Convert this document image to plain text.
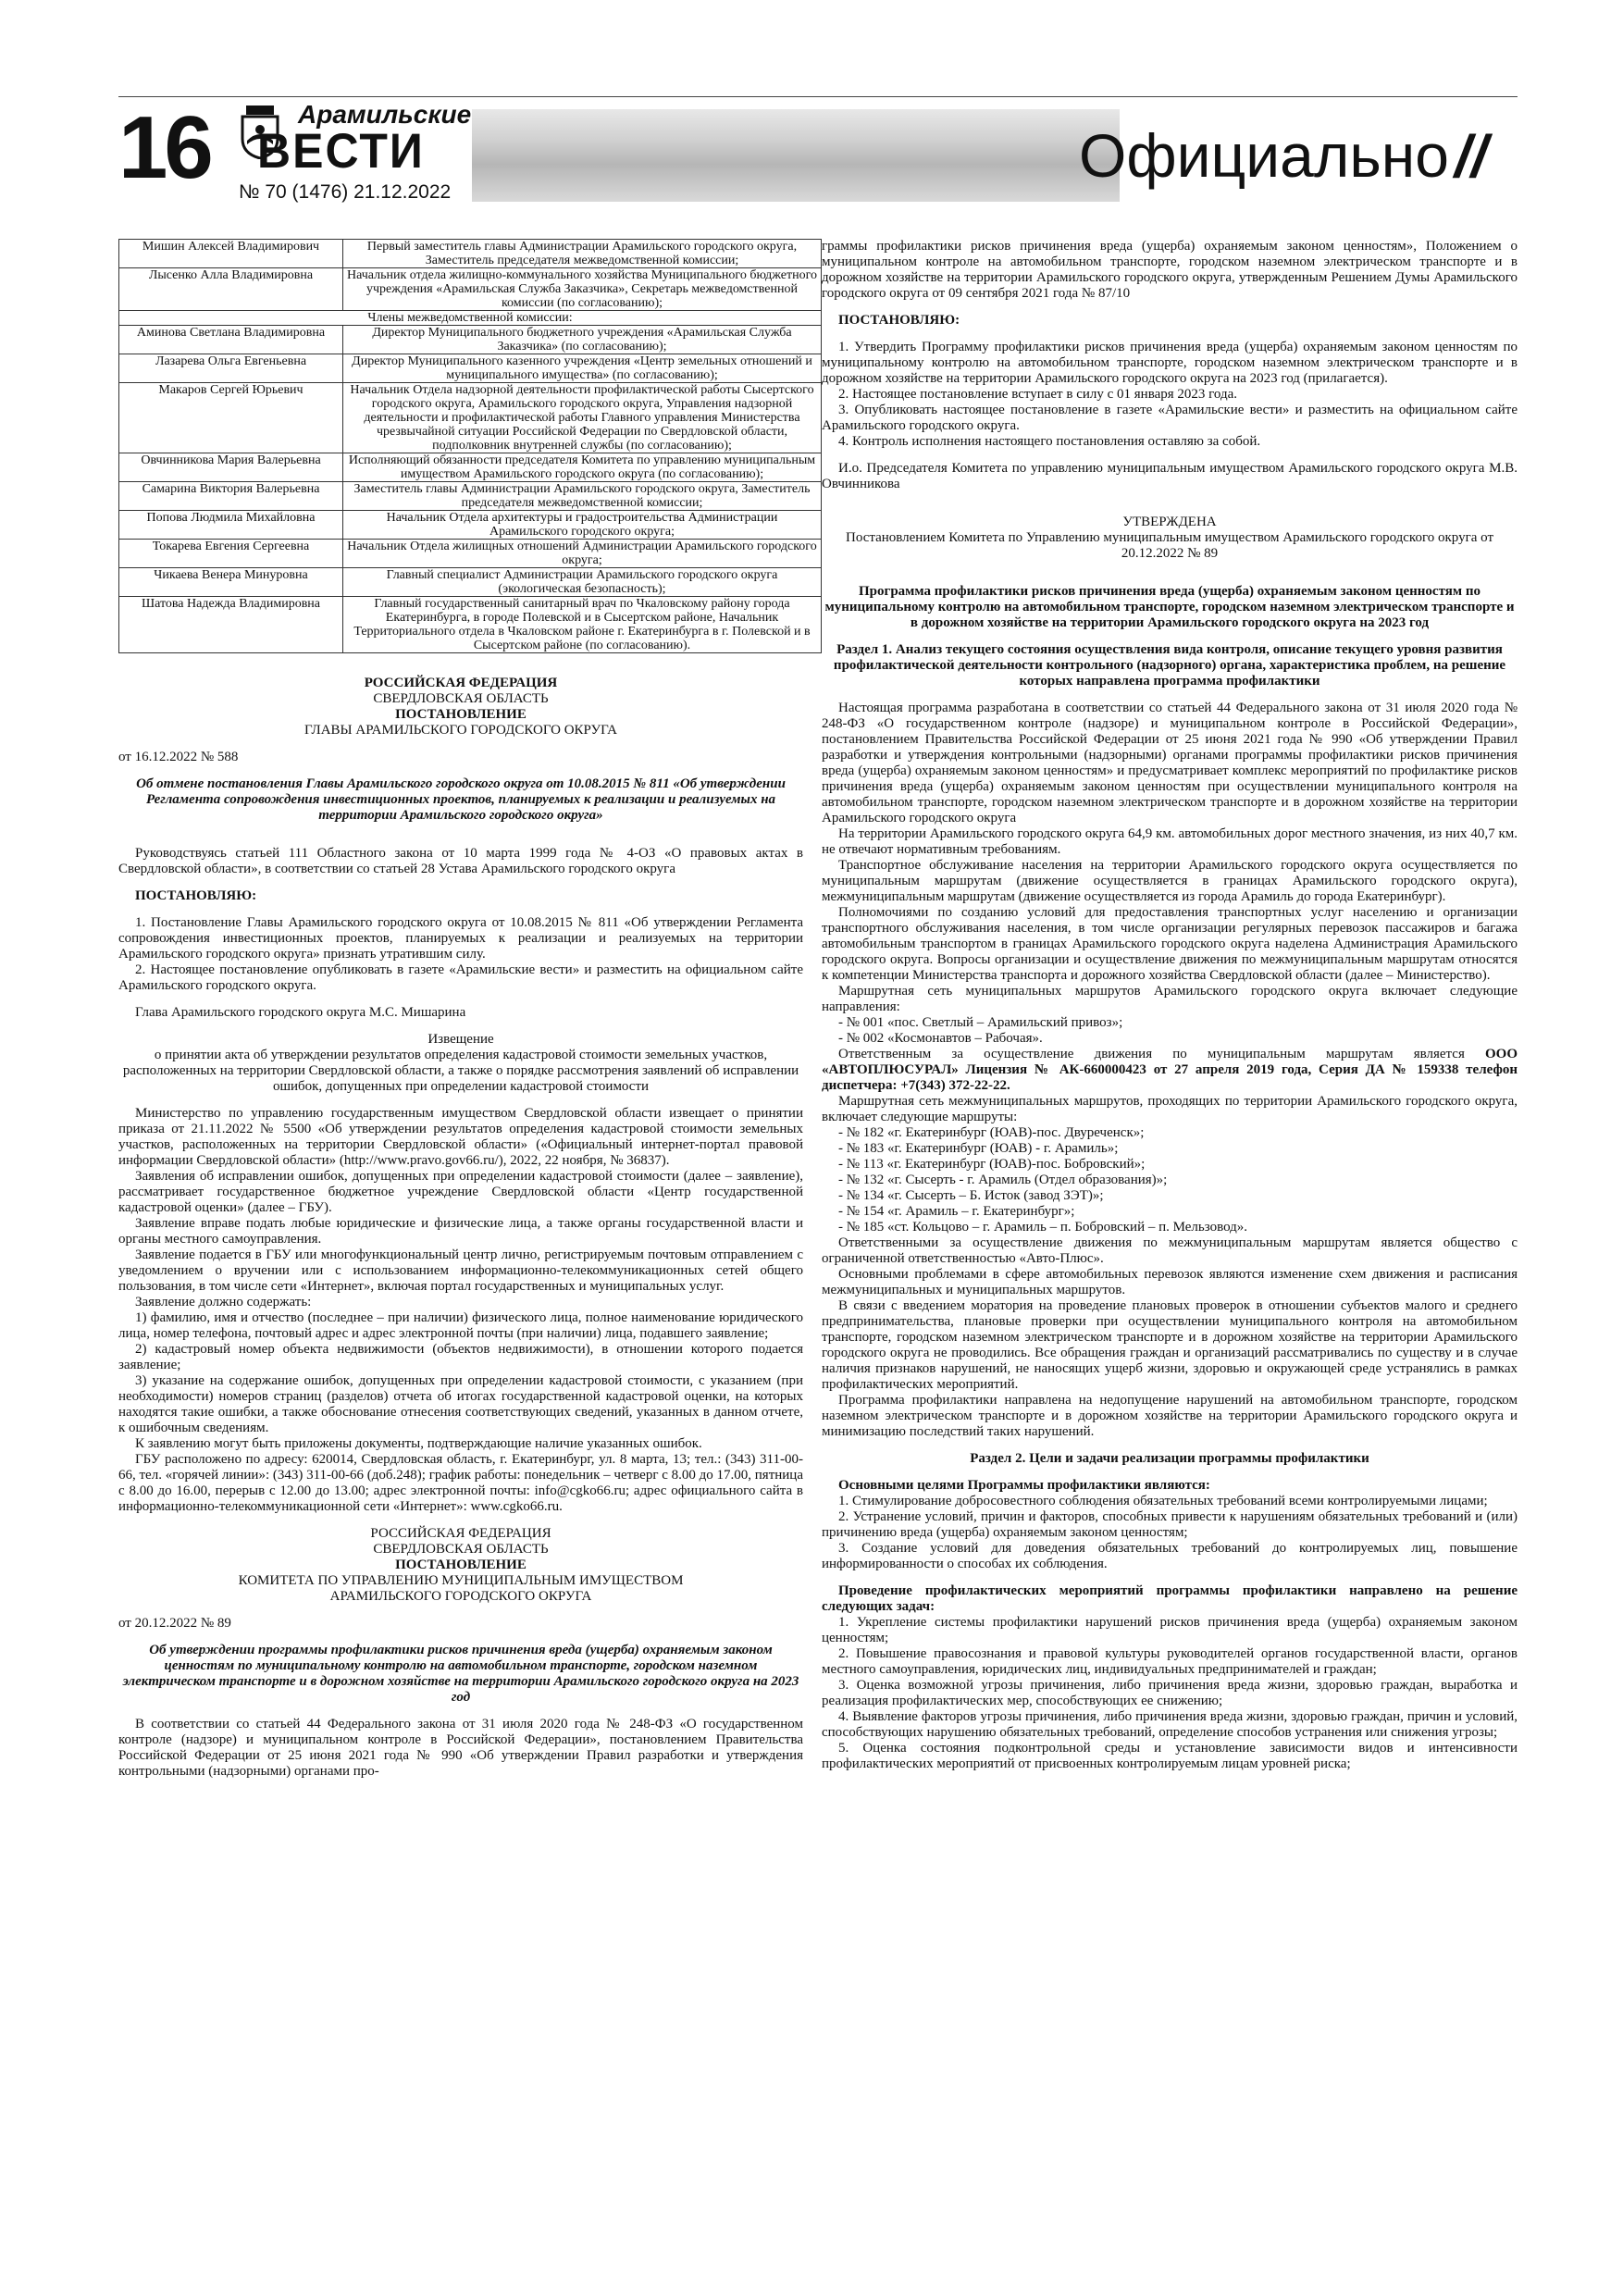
16	Арамильские
ВЕСТИ
№ 70 (1476) 21.12.2022
Официально //
Мишин Алексей Владимирович	Первый заместитель главы Администрации Арамильского городского округа, Заместитель председателя межведомственной комиссии;
Лысенко Алла Владимировна	Начальник отдела жилищно-коммунального хозяйства Муниципального бюджетного учреждения «Арамильская Служба Заказчика», Секретарь межведомственной комиссии (по согласованию);
Члены межведомственной комиссии:	
Аминова Светлана Владимировна	Директор Муниципального бюджетного учреждения «Арамильская Служба Заказчика» (по согласованию);
Лазарева Ольга Евгеньевна	Директор Муниципального казенного учреждения «Центр земельных отношений и муниципального имущества» (по согласованию);
Макаров Сергей Юрьевич	Начальник Отдела надзорной деятельности профилактической работы Сысертского городского округа, Арамильского городского округа, Управления надзорной деятельности и профилактической работы Главного управления Министерства чрезвычайной ситуации Российской Федерации по Свердловской области, подполковник внутренней службы (по согласованию);
Овчинникова Мария Валерьевна	Исполняющий обязанности председателя Комитета по управлению муниципальным имуществом Арамильского городского округа (по согласованию);
Самарина Виктория Валерьевна	Заместитель главы Администрации Арамильского городского округа, Заместитель председателя межведомственной комиссии;
Попова Людмила Михайловна	Начальник Отдела архитектуры и градостроительства Администрации Арамильского городского округа;
Токарева Евгения Сергеевна	Начальник Отдела жилищных отношений Администрации Арамильского городского округа;
Чикаева Венера Минуровна	Главный специалист Администрации Арамильского городского округа (экологическая безопасность);
Шатова Надежда Владимировна	Главный государственный санитарный врач по Чкаловскому району города Екатеринбурга, в городе Полевской и в Сысертском районе, Начальник Территориального отдела в Чкаловском районе г. Екатеринбурга в г. Полевской и в Сысертском районе (по согласованию).
РОССИЙСКАЯ ФЕДЕРАЦИЯ
СВЕРДЛОВСКАЯ ОБЛАСТЬ
ПОСТАНОВЛЕНИЕ
ГЛАВЫ АРАМИЛЬСКОГО ГОРОДСКОГО ОКРУГА
от 16.12.2022 № 588
Об отмене постановления Главы Арамильского городского округа от 10.08.2015 № 811 «Об утверждении Регламента сопровождения инвестиционных проектов, планируемых к реализации и реализуемых на территории Арамильского городского округа»

Руководствуясь статьей 111 Областного закона от 10 марта 1999 года № 4-ОЗ «О правовых актах в Свердловской области», в соответствии со статьей 28 Устава Арамильского городского округа

ПОСТАНОВЛЯЮ:

1. Постановление Главы Арамильского городского округа от 10.08.2015 № 811 «Об утверждении Регламента сопровождения инвестиционных проектов, планируемых к реализации и реализуемых на территории Арамильского городского округа» признать утратившим силу.

2. Настоящее постановление опубликовать в газете «Арамильские вести» и разместить на официальном сайте Арамильского городского округа.

Глава Арамильского городского округа М.С. Мишарина

Извещение
о принятии акта об утверждении результатов определения кадастровой стоимости земельных участков, расположенных на территории Свердловской области, а также о порядке рассмотрения заявлений об исправлении ошибок, допущенных при определении кадастровой стоимости

Министерство по управлению государственным имуществом Свердловской области извещает о принятии приказа от 21.11.2022 № 5500 «Об утверждении результатов определения кадастровой стоимости земельных участков, расположенных на территории Свердловской области» («Официальный интернет-портал правовой информации Свердловской области» (http://www.pravo.gov66.ru/), 2022, 22 ноября, № 36837).

Заявления об исправлении ошибок, допущенных при определении кадастровой стоимости (далее – заявление), рассматривает государственное бюджетное учреждение Свердловской области «Центр государственной кадастровой оценки» (далее – ГБУ).

Заявление вправе подать любые юридические и физические лица, а также органы государственной власти и органы местного самоуправления.

Заявление подается в ГБУ или многофункциональный центр лично, регистрируемым почтовым отправлением с уведомлением о вручении или с использованием информационно-телекоммуникационных сетей общего пользования, в том числе сети «Интернет», включая портал государственных и муниципальных услуг.

Заявление должно содержать:

1) фамилию, имя и отчество (последнее – при наличии) физического лица, полное наименование юридического лица, номер телефона, почтовый адрес и адрес электронной почты (при наличии) лица, подавшего заявление;

2) кадастровый номер объекта недвижимости (объектов недвижимости), в отношении которого подается заявление;

3) указание на содержание ошибок, допущенных при определении кадастровой стоимости, с указанием (при необходимости) номеров страниц (разделов) отчета об итогах государственной кадастровой оценки, на которых находятся такие ошибки, а также обоснование отнесения соответствующих сведений, указанных в данном отчете, к ошибочным сведениям.

К заявлению могут быть приложены документы, подтверждающие наличие указанных ошибок.

ГБУ расположено по адресу: 620014, Свердловская область, г. Екатеринбург, ул. 8 марта, 13; тел.: (343) 311-00-66, тел. «горячей линии»: (343) 311-00-66 (доб.248); график работы: понедельник – четверг с 8.00 до 17.00, пятница с 8.00 до 16.00, перерыв с 12.00 до 13.00; адрес электронной почты: info@cgko66.ru; адрес официального сайта в информационно-телекоммуникационной сети «Интернет»: www.cgko66.ru.

РОССИЙСКАЯ ФЕДЕРАЦИЯ
СВЕРДЛОВСКАЯ ОБЛАСТЬ
ПОСТАНОВЛЕНИЕ
КОМИТЕТА ПО УПРАВЛЕНИЮ МУНИЦИПАЛЬНЫМ ИМУЩЕСТВОМ
АРАМИЛЬСКОГО ГОРОДСКОГО ОКРУГА
от 20.12.2022 № 89
Об утверждении программы профилактики рисков причинения вреда (ущерба) охраняемым законом ценностям по муниципальному контролю на автомобильном транспорте, городском наземном электрическом транспорте и в дорожном хозяйстве на территории Арамильского городского округа на 2023 год

В соответствии со статьей 44 Федерального закона от 31 июля 2020 года № 248-ФЗ «О государственном контроле (надзоре) и муниципальном контроле в Российской Федерации», постановлением Правительства Российской Федерации от 25 июня 2021 года № 990 «Об утверждении Правил разработки и утверждения контрольными (надзорными) органами про-

граммы профилактики рисков причинения вреда (ущерба) охраняемым законом ценностям», Положением о муниципальном контроле на автомобильном транспорте, городском наземном электрическом транспорте и в дорожном хозяйстве на территории Арамильского городского округа, утвержденным Решением Думы Арамильского городского округа от 09 сентября 2021 года № 87/10

ПОСТАНОВЛЯЮ:

1. Утвердить Программу профилактики рисков причинения вреда (ущерба) охраняемым законом ценностям по муниципальному контролю на автомобильном транспорте, городском наземном электрическом транспорте и в дорожном хозяйстве на территории Арамильского городского округа на 2023 год (прилагается).

2. Настоящее постановление вступает в силу с 01 января 2023 года.

3. Опубликовать настоящее постановление в газете «Арамильские вести» и разместить на официальном сайте Арамильского городского округа.

4. Контроль исполнения настоящего постановления оставляю за собой.

И.о. Председателя Комитета по управлению муниципальным имуществом Арамильского городского округа М.В. Овчинникова

УТВЕРЖДЕНА
Постановлением Комитета по Управлению муниципальным имуществом Арамильского городского округа от 20.12.2022 № 89
Программа профилактики рисков причинения вреда (ущерба) охраняемым законом ценностям по муниципальному контролю на автомобильном транспорте, городском наземном электрическом транспорте и в дорожном хозяйстве на территории Арамильского городского округа на 2023 год
Раздел 1. Анализ текущего состояния осуществления вида контроля, описание текущего уровня развития профилактической деятельности контрольного (надзорного) органа, характеристика проблем, на решение которых направлена программа профилактики

Настоящая программа разработана в соответствии со статьей 44 Федерального закона от 31 июля 2020 года № 248-ФЗ «О государственном контроле (надзоре) и муниципальном контроле в Российской Федерации», постановлением Правительства Российской Федерации от 25 июня 2021 года № 990 «Об утверждении Правил разработки и утверждения контрольными (надзорными) органами программы профилактики рисков причинения вреда (ущерба) охраняемым законом ценностям» и предусматривает комплекс мероприятий по профилактике рисков причинения вреда (ущерба) охраняемым законом ценностям при осуществлении муниципального контроля на автомобильном транспорте, городском наземном электрическом транспорте и в дорожном хозяйстве на территории Арамильского городского округа

На территории Арамильского городского округа 64,9 км. автомобильных дорог местного значения, из них 40,7 км. не отвечают нормативным требованиям.

Транспортное обслуживание населения на территории Арамильского городского округа осуществляется по муниципальным маршрутам (движение осуществляется в границах Арамильского городского округа), межмуниципальным маршрутам (движение осуществляется из города Арамиль до города Екатеринбург).

Полномочиями по созданию условий для предоставления транспортных услуг населению и организации транспортного обслуживания населения, в том числе организации регулярных перевозок пассажиров и багажа автомобильным транспортом в границах Арамильского городского округа наделена Администрация Арамильского городского округа. Вопросы организации и осуществление движения по межмуниципальным маршрутам относятся к компетенции Министерства транспорта и дорожного хозяйства Свердловской области (далее – Министерство).

Маршрутная сеть муниципальных маршрутов Арамильского городского округа включает следующие направления:

- № 001 «пос. Светлый – Арамильский привоз»;

- № 002 «Космонавтов – Рабочая».

Ответственным за осуществление движения по муниципальным маршрутам является ООО «АВТОПЛЮСУРАЛ» Лицензия № АК-660000423 от 27 апреля 2019 года, Серия ДА № 159338 телефон диспетчера: +7(343) 372-22-22.

Маршрутная сеть межмуниципальных маршрутов, проходящих по территории Арамильского городского округа, включает следующие маршруты:

- № 182 «г. Екатеринбург (ЮАВ)-пос. Двуреченск»;

- № 183 «г. Екатеринбург (ЮАВ) - г. Арамиль»;

- № 113 «г. Екатеринбург (ЮАВ)-пос. Бобровский»;

- № 132 «г. Сысерть - г. Арамиль (Отдел образования)»;

- № 134 «г. Сысерть – Б. Исток (завод ЗЭТ)»;

- № 154 «г. Арамиль – г. Екатеринбург»;

- № 185 «ст. Кольцово – г. Арамиль – п. Бобровский – п. Мельзовод».

Ответственными за осуществление движения по межмуниципальным маршрутам является общество с ограниченной ответственностью «Авто-Плюс».

Основными проблемами в сфере автомобильных перевозок являются изменение схем движения и расписания межмуниципальных и муниципальных маршрутов.

В связи с введением моратория на проведение плановых проверок в отношении субъектов малого и среднего предпринимательства, плановые проверки при осуществлении муниципального контроля на автомобильном транспорте, городском наземном электрическом транспорте и в дорожном хозяйстве на территории Арамильского городского округа не проводились. Все обращения граждан и организаций рассматривались по существу и в случае наличия признаков нарушений, не наносящих ущерб жизни, здоровью и окружающей среде устранялись в рамках профилактических мероприятий.

Программа профилактики направлена на недопущение нарушений на автомобильном транспорте, городском наземном электрическом транспорте и в дорожном хозяйстве на территории Арамильского городского округа и минимизацию последствий таких нарушений.

Раздел 2. Цели и задачи реализации программы профилактики

Основными целями Программы профилактики являются:

1. Стимулирование добросовестного соблюдения обязательных требований всеми контролируемыми лицами;

2. Устранение условий, причин и факторов, способных привести к нарушениям обязательных требований и (или) причинению вреда (ущерба) охраняемым законом ценностям;

3. Создание условий для доведения обязательных требований до контролируемых лиц, повышение информированности о способах их соблюдения.

Проведение профилактических мероприятий программы профилактики направлено на решение следующих задач:

1. Укрепление системы профилактики нарушений рисков причинения вреда (ущерба) охраняемым законом ценностям;

2. Повышение правосознания и правовой культуры руководителей органов государственной власти, органов местного самоуправления, юридических лиц, индивидуальных предпринимателей и граждан;

3. Оценка возможной угрозы причинения, либо причинения вреда жизни, здоровью граждан, выработка и реализация профилактических мер, способствующих ее снижению;

4. Выявление факторов угрозы причинения, либо причинения вреда жизни, здоровью граждан, причин и условий, способствующих нарушению обязательных требований, определение способов устранения или снижения угрозы;

5. Оценка состояния подконтрольной среды и установление зависимости видов и интенсивности профилактических мероприятий от присвоенных контролируемым лицам уровней риска;
